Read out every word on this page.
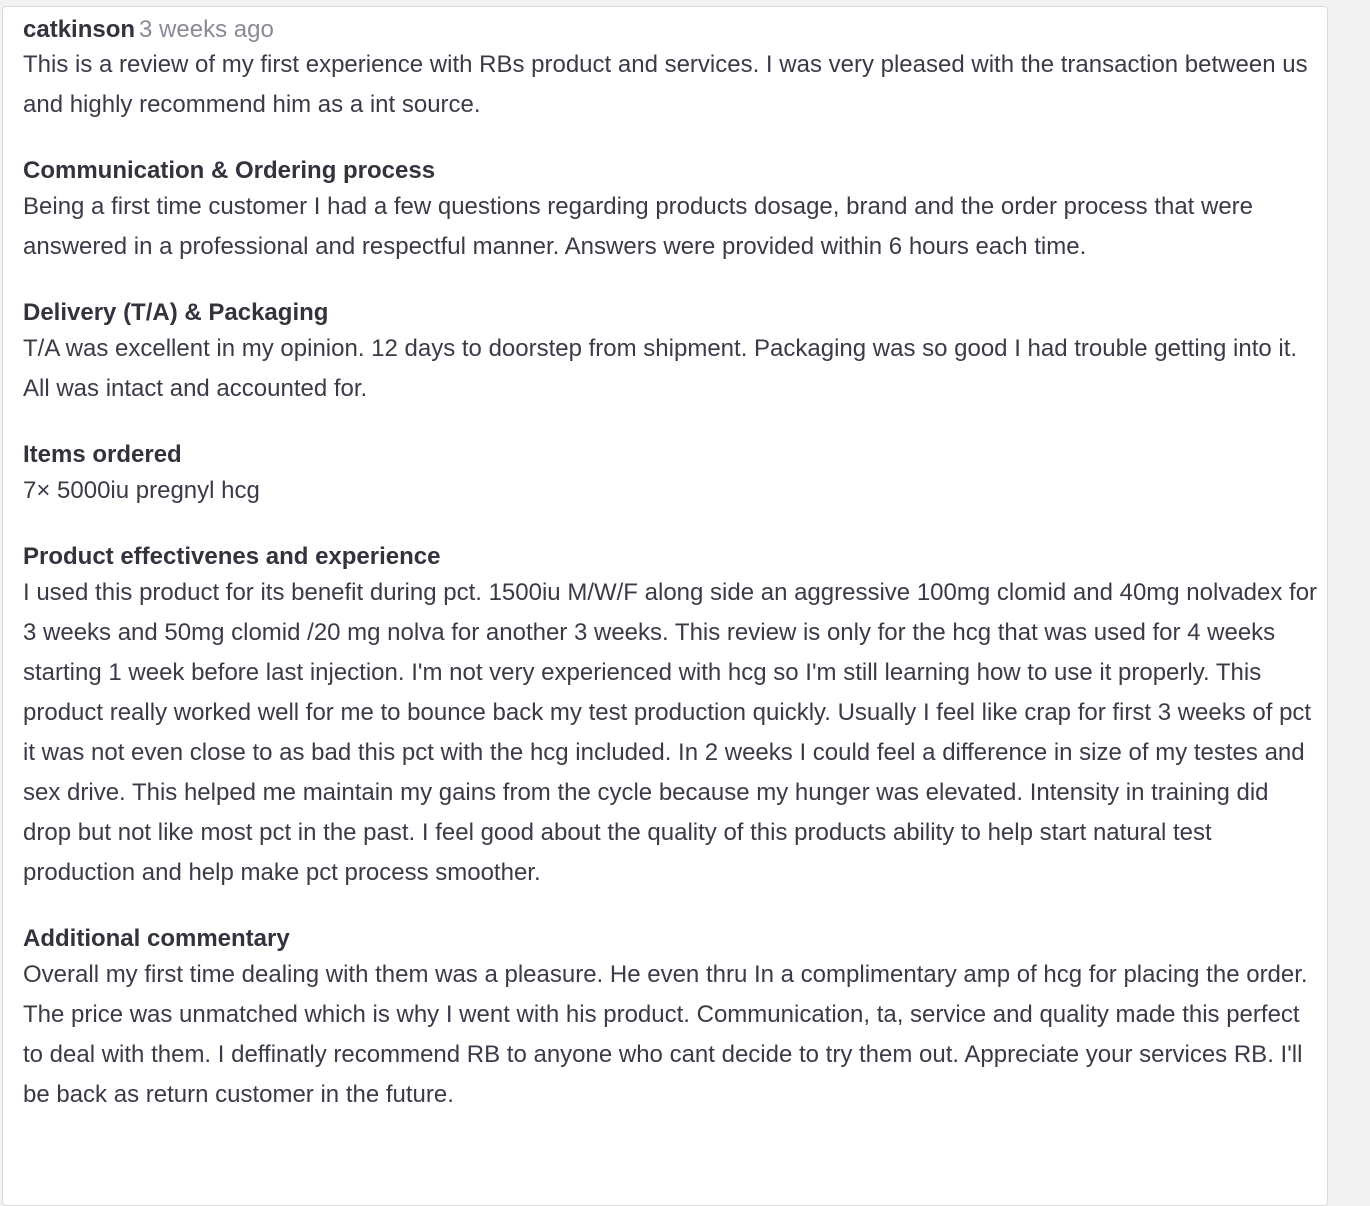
catkinson 3 weeks ago

This is a review of my first experience with RBs product and services. I was very pleased with the transaction between us and highly recommend him as a int source.

Communication & Ordering process

Being a first time customer I had a few questions regarding products dosage, brand and the order process that were answered in a professional and respectful manner. Answers were provided within 6 hours each time.

Delivery (T/A) & Packaging

T/A was excellent in my opinion. 12 days to doorstep from shipment. Packaging was so good I had trouble getting into it. All was intact and accounted for.

Items ordered

7× 5000iu pregnyl hcg

Product effectivenes and experience

I used this product for its benefit during pct. 1500iu M/W/F along side an aggressive 100mg clomid and 40mg nolvadex for 3 weeks and 50mg clomid /20 mg nolva for another 3 weeks. This review is only for the hcg that was used for 4 weeks starting 1 week before last injection. I'm not very experienced with hcg so I'm still learning how to use it properly. This product really worked well for me to bounce back my test production quickly. Usually I feel like crap for first 3 weeks of pct it was not even close to as bad this pct with the hcg included. In 2 weeks I could feel a difference in size of my testes and sex drive. This helped me maintain my gains from the cycle because my hunger was elevated. Intensity in training did drop but not like most pct in the past. I feel good about the quality of this products ability to help start natural test production and help make pct process smoother.

Additional commentary

Overall my first time dealing with them was a pleasure. He even thru In a complimentary amp of hcg for placing the order. The price was unmatched which is why I went with his product. Communication, ta, service and quality made this perfect to deal with them. I deffinatly recommend RB to anyone who cant decide to try them out. Appreciate your services RB. I'll be back as return customer in the future.
